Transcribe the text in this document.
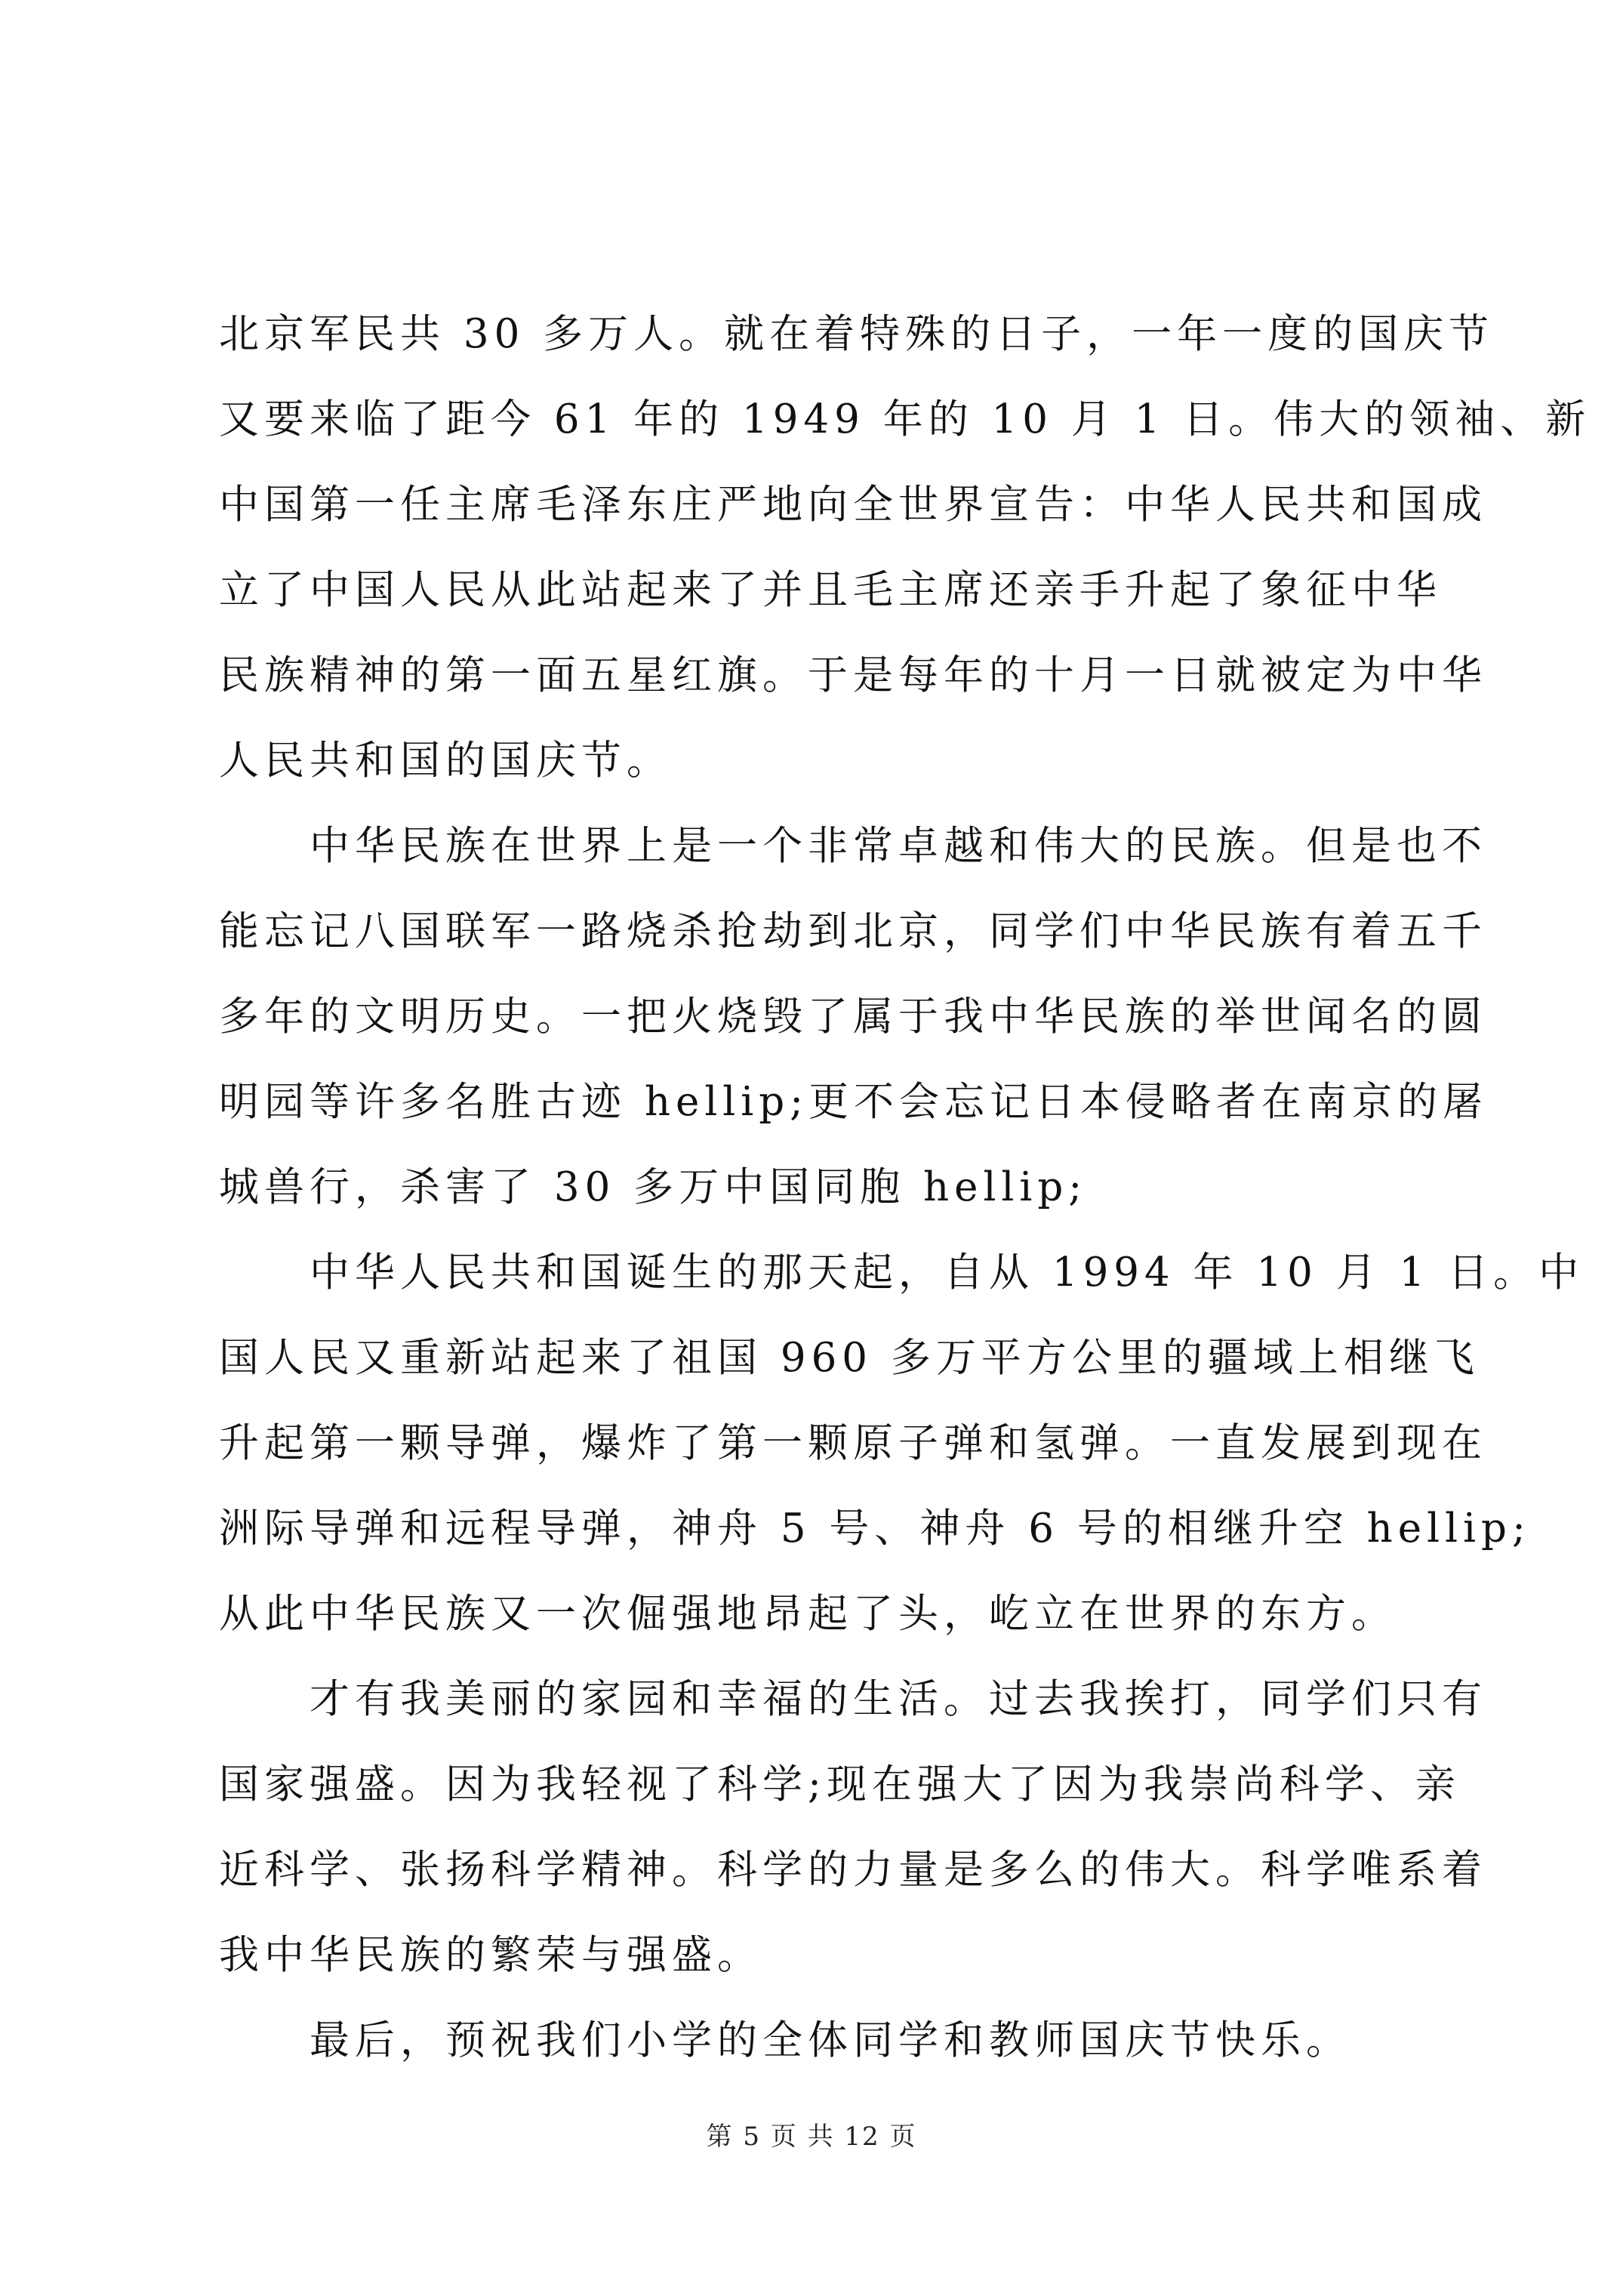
北京军民共 30 多万人。就在着特殊的日子，一年一度的国庆节
又要来临了距今 61 年的 1949 年的 10 月 1 日。伟大的领袖、新
中国第一任主席毛泽东庄严地向全世界宣告：中华人民共和国成
立了中国人民从此站起来了并且毛主席还亲手升起了象征中华
民族精神的第一面五星红旗。于是每年的十月一日就被定为中华
人民共和国的国庆节。
　　中华民族在世界上是一个非常卓越和伟大的民族。但是也不
能忘记八国联军一路烧杀抢劫到北京，同学们中华民族有着五千
多年的文明历史。一把火烧毁了属于我中华民族的举世闻名的圆
明园等许多名胜古迹 hellip;更不会忘记日本侵略者在南京的屠
城兽行，杀害了 30 多万中国同胞 hellip;
　　中华人民共和国诞生的那天起，自从 1994 年 10 月 1 日。中
国人民又重新站起来了祖国 960 多万平方公里的疆域上相继飞
升起第一颗导弹，爆炸了第一颗原子弹和氢弹。一直发展到现在
洲际导弹和远程导弹，神舟 5 号、神舟 6 号的相继升空 hellip;
从此中华民族又一次倔强地昂起了头，屹立在世界的东方。
　　才有我美丽的家园和幸福的生活。过去我挨打，同学们只有
国家强盛。因为我轻视了科学;现在强大了因为我崇尚科学、亲
近科学、张扬科学精神。科学的力量是多么的伟大。科学唯系着
我中华民族的繁荣与强盛。
　　最后，预祝我们小学的全体同学和教师国庆节快乐。
第 5 页 共 12 页
